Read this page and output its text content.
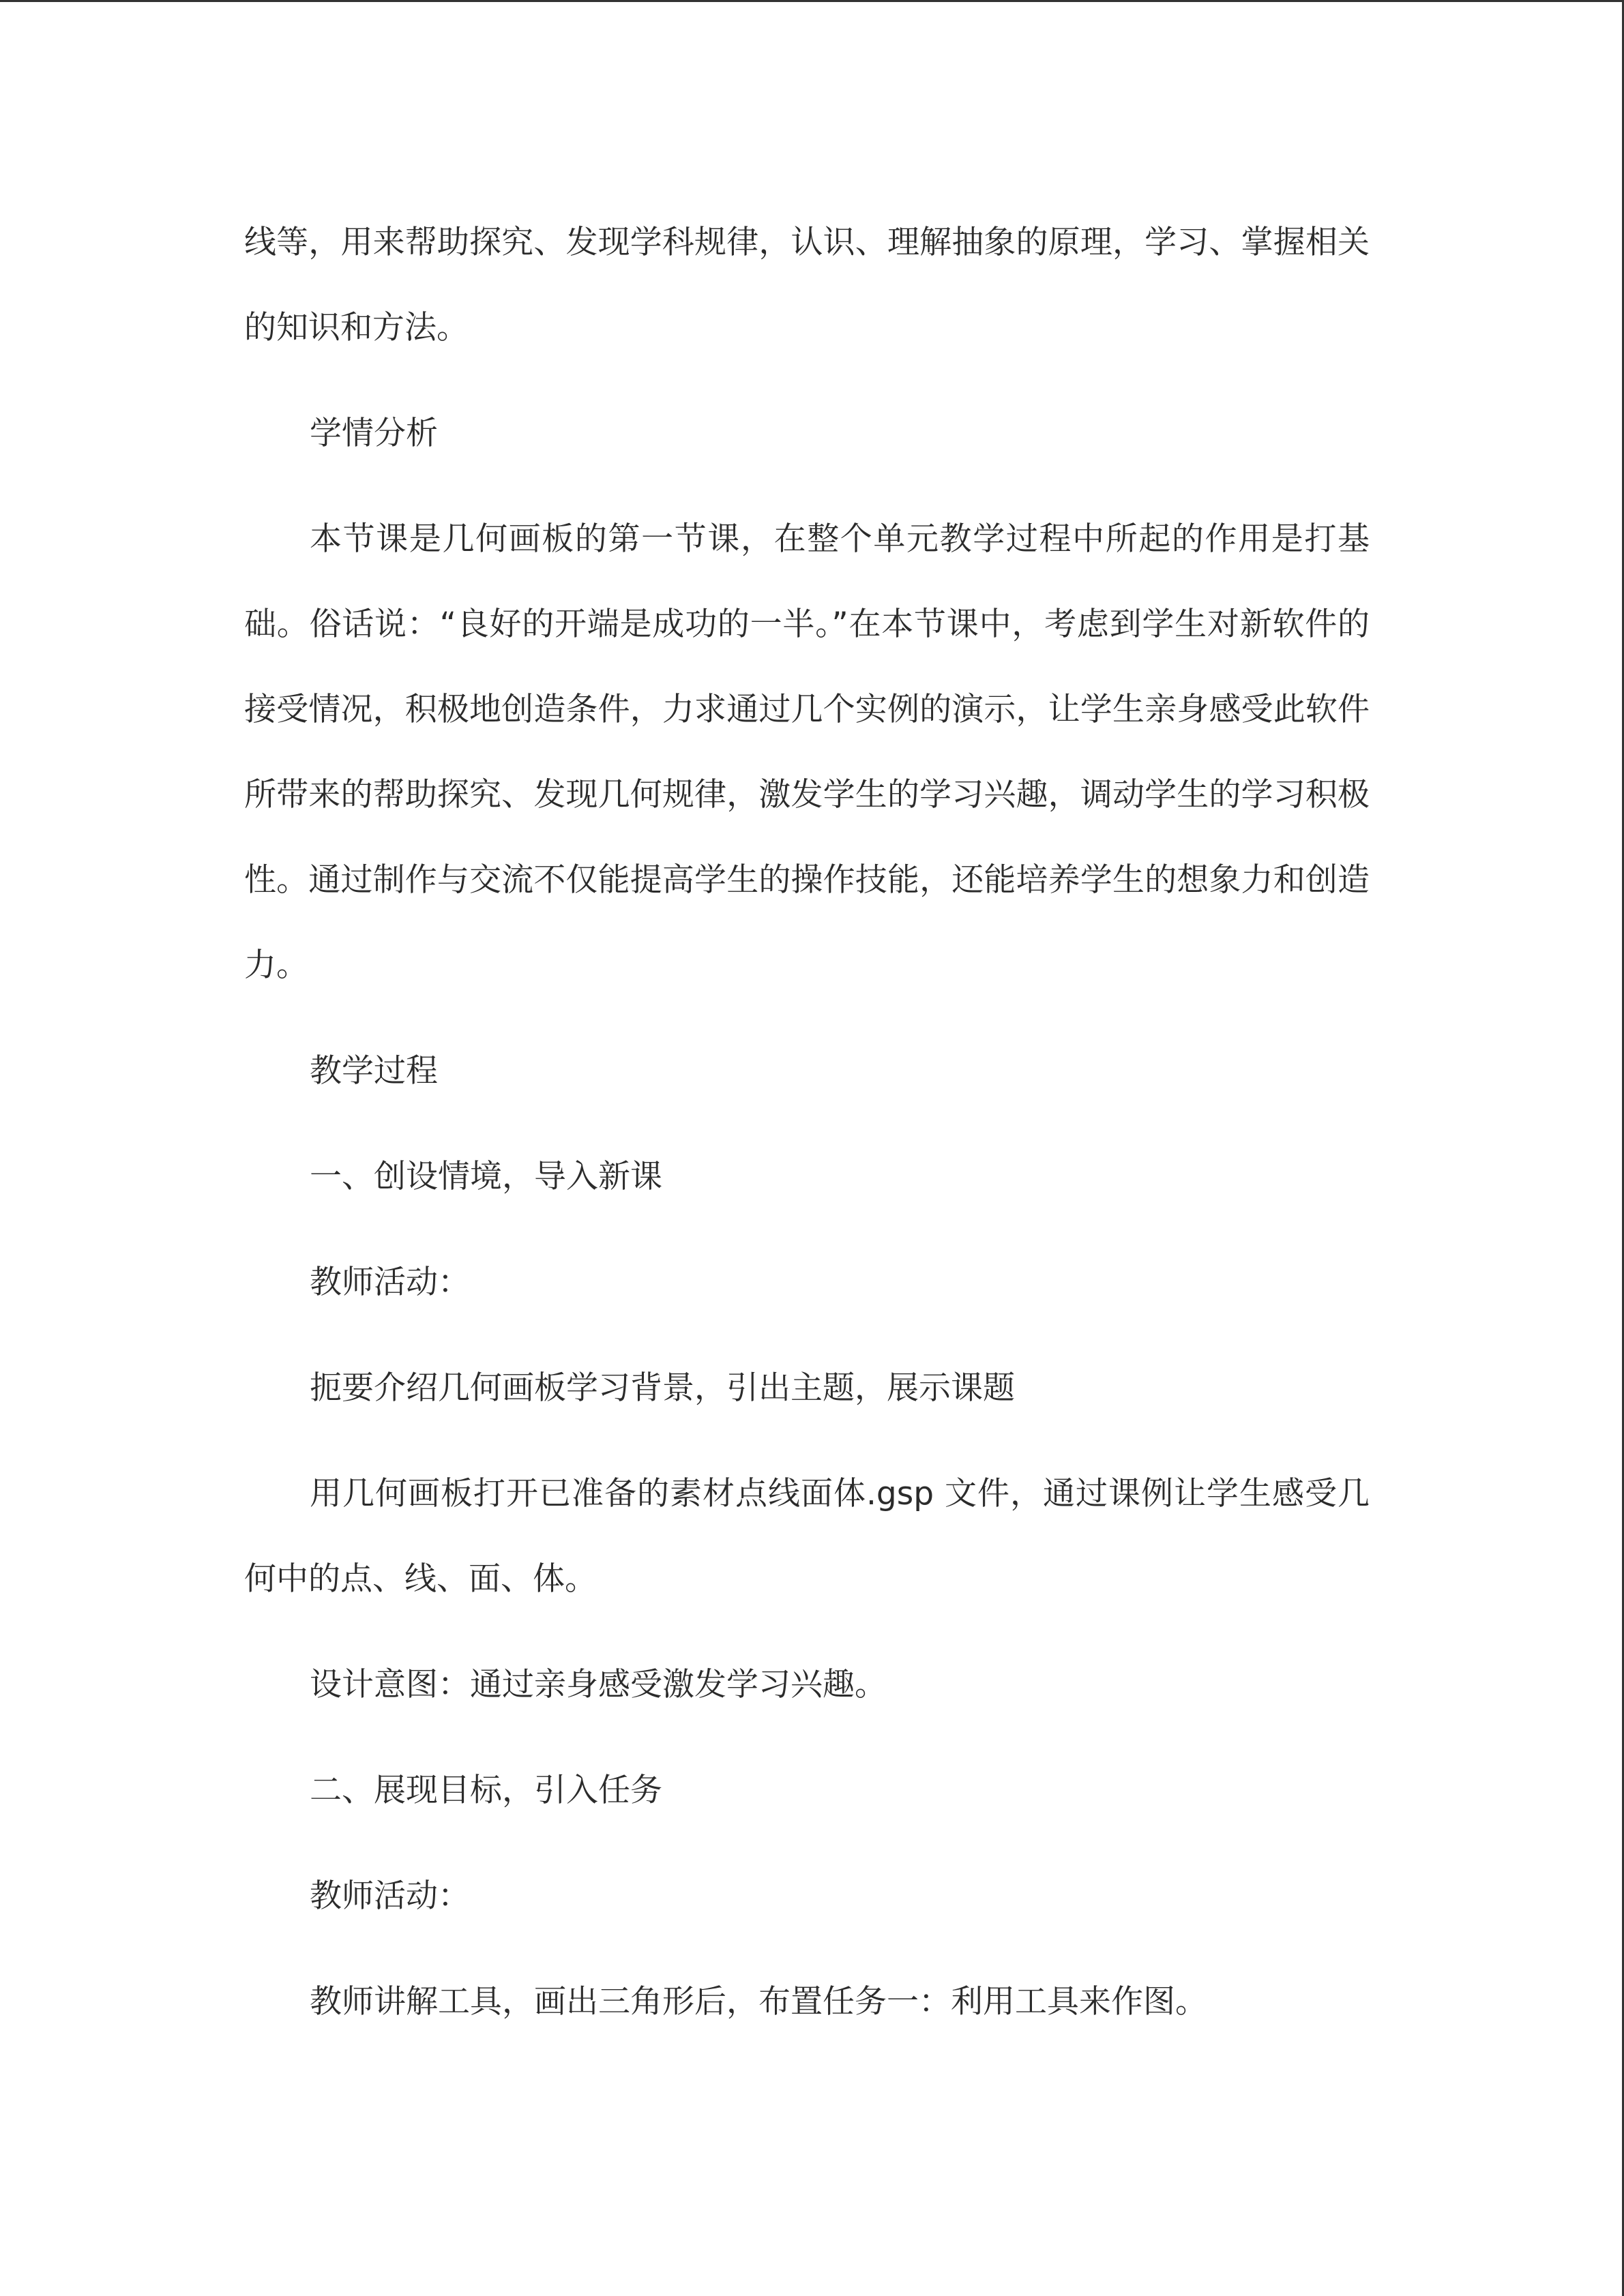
线等，用来帮助探究、发现学科规律，认识、理解抽象的原理，学习、掌握相关的知识和方法。

学情分析

本节课是几何画板的第一节课，在整个单元教学过程中所起的作用是打基础。俗话说：“良好的开端是成功的一半。”在本节课中，考虑到学生对新软件的接受情况，积极地创造条件，力求通过几个实例的演示，让学生亲身感受此软件所带来的帮助探究、发现几何规律，激发学生的学习兴趣，调动学生的学习积极性。通过制作与交流不仅能提高学生的操作技能，还能培养学生的想象力和创造力。

教学过程

一、创设情境，导入新课

教师活动：

扼要介绍几何画板学习背景，引出主题，展示课题

用几何画板打开已准备的素材点线面体.gsp 文件，通过课例让学生感受几何中的点、线、面、体。

设计意图：通过亲身感受激发学习兴趣。

二、展现目标，引入任务

教师活动：

教师讲解工具，画出三角形后，布置任务一：利用工具来作图。
